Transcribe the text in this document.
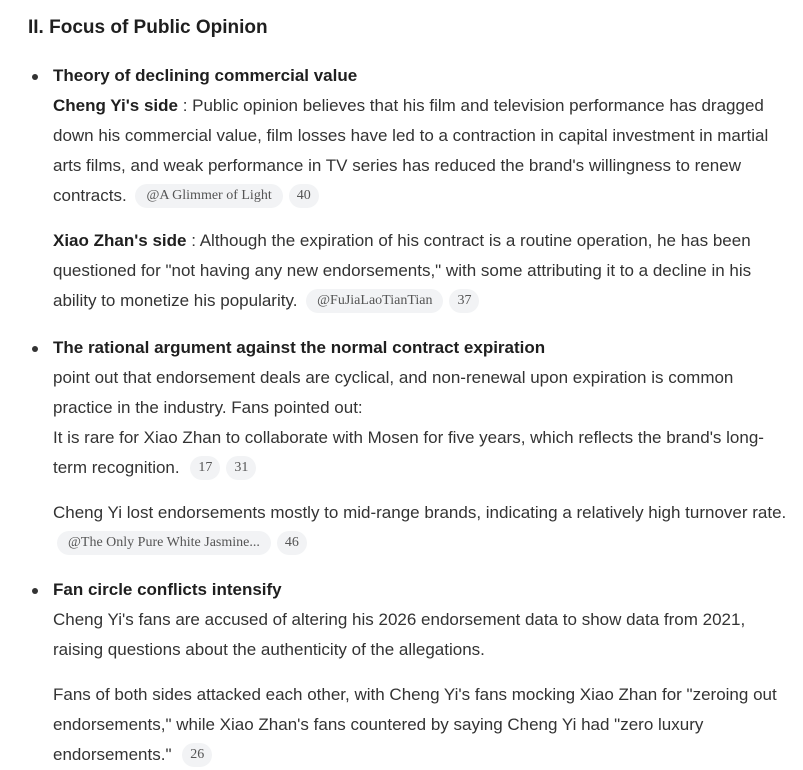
II. Focus of Public Opinion
Theory of declining commercial value

Cheng Yi's side : Public opinion believes that his film and television performance has dragged down his commercial value, film losses have led to a contraction in capital investment in martial arts films, and weak performance in TV series has reduced the brand's willingness to renew contracts. @A Glimmer of Light 40

Xiao Zhan's side : Although the expiration of his contract is a routine operation, he has been questioned for "not having any new endorsements," with some attributing it to a decline in his ability to monetize his popularity. @FuJiaLaoTianTian 37

The rational argument against the normal contract expiration

point out that endorsement deals are cyclical, and non-renewal upon expiration is common practice in the industry. Fans pointed out:

It is rare for Xiao Zhan to collaborate with Mosen for five years, which reflects the brand's long-term recognition. 17 31

Cheng Yi lost endorsements mostly to mid-range brands, indicating a relatively high turnover rate. @The Only Pure White Jasmine... 46

Fan circle conflicts intensify

Cheng Yi's fans are accused of altering his 2026 endorsement data to show data from 2021, raising questions about the authenticity of the allegations.

Fans of both sides attacked each other, with Cheng Yi's fans mocking Xiao Zhan for "zeroing out endorsements," while Xiao Zhan's fans countered by saying Cheng Yi had "zero luxury endorsements." 26
